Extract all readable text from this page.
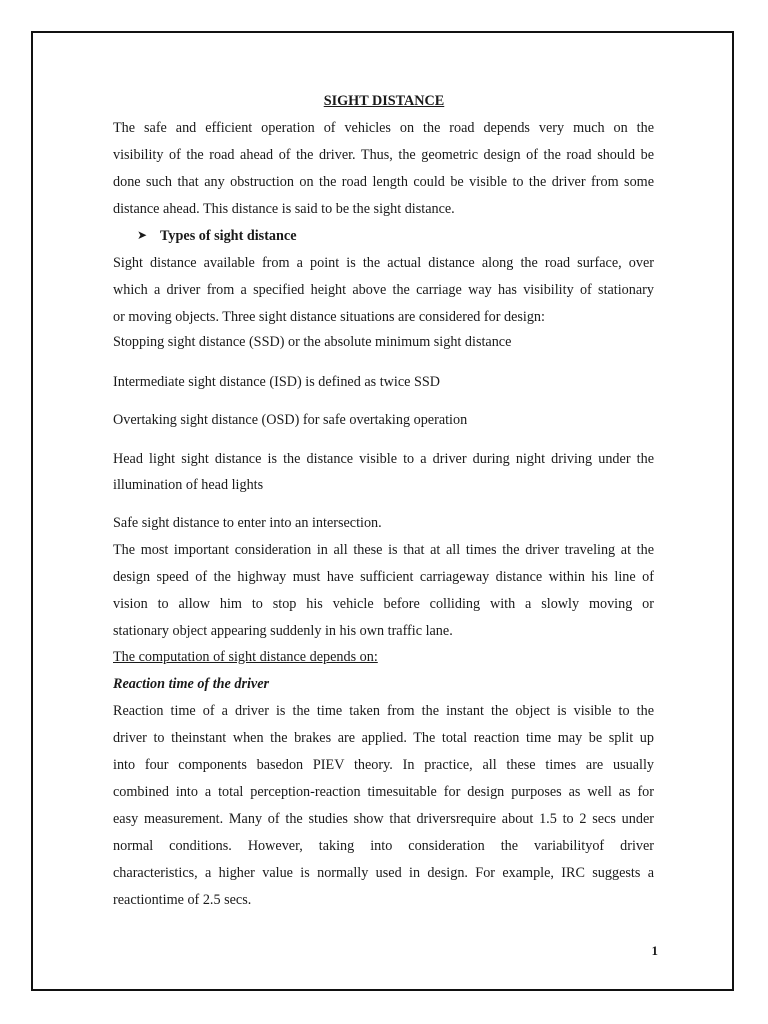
SIGHT DISTANCE

The safe and efficient operation of vehicles on the road depends very much on the

visibility of the road ahead of the driver. Thus, the geometric design of the road should be

done such that any obstruction on the road length could be visible to the driver from some

distance ahead. This distance is said to be the sight distance.

➤ Types of sight distance

Sight distance available from a point is the actual distance along the road surface, over

which a driver from a specified height above the carriage way has visibility of stationary

or moving objects. Three sight distance situations are considered for design:

Stopping sight distance (SSD) or the absolute minimum sight distance

Intermediate sight distance (ISD) is defined as twice SSD

Overtaking sight distance (OSD) for safe overtaking operation

Head light sight distance is the distance visible to a driver during night driving under the

illumination of head lights

Safe sight distance to enter into an intersection.

The most important consideration in all these is that at all times the driver traveling at the

design speed of the highway must have sufficient carriageway distance within his line of

vision to allow him to stop his vehicle before colliding with a slowly moving or

stationary object appearing suddenly in his own traffic lane.

The computation of sight distance depends on:

Reaction time of the driver

Reaction time of a driver is the time taken from the instant the object is visible to the

driver to theinstant when the brakes are applied. The total reaction time may be split up

into four components basedon PIEV theory. In practice, all these times are usually

combined into a total perception-reaction timesuitable for design purposes as well as for

easy measurement. Many of the studies show that driversrequire about 1.5 to 2 secs under

normal conditions. However, taking into consideration the variabilityof driver

characteristics, a higher value is normally used in design. For example, IRC suggests a

reactiontime of 2.5 secs.

1
